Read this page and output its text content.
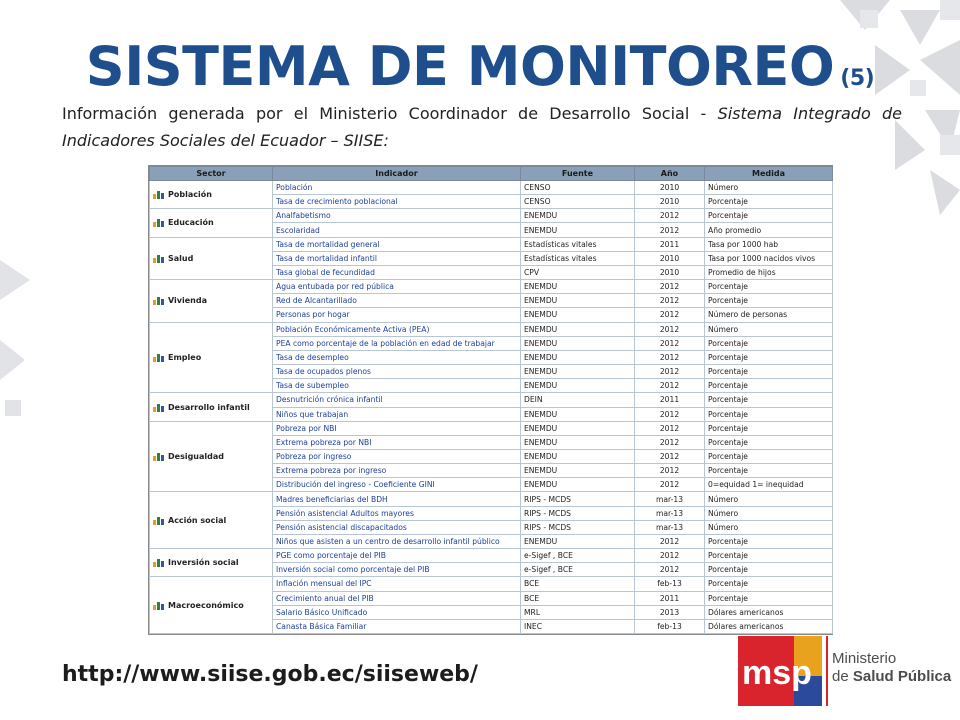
SISTEMA DE MONITOREO (5)

Información generada por el Ministerio Coordinador de Desarrollo Social - Sistema Integrado de Indicadores Sociales del Ecuador – SIISE:

Sector	Indicador	Fuente	Año	Medida
Población	Población	CENSO	2010	Número
	Tasa de crecimiento poblacional	CENSO	2010	Porcentaje
Educación	Analfabetismo	ENEMDU	2012	Porcentaje
	Escolaridad	ENEMDU	2012	Año promedio
Salud	Tasa de mortalidad general	Estadísticas vitales	2011	Tasa por 1000 hab
	Tasa de mortalidad infantil	Estadísticas vitales	2010	Tasa por 1000 nacidos vivos
	Tasa global de fecundidad	CPV	2010	Promedio de hijos
Vivienda	Agua entubada por red pública	ENEMDU	2012	Porcentaje
	Red de Alcantarillado	ENEMDU	2012	Porcentaje
	Personas por hogar	ENEMDU	2012	Número de personas
Empleo	Población Económicamente Activa (PEA)	ENEMDU	2012	Número
	PEA como porcentaje de la población en edad de trabajar	ENEMDU	2012	Porcentaje
	Tasa de desempleo	ENEMDU	2012	Porcentaje
	Tasa de ocupados plenos	ENEMDU	2012	Porcentaje
	Tasa de subempleo	ENEMDU	2012	Porcentaje
Desarrollo infantil	Desnutrición crónica infantil	DEIN	2011	Porcentaje
	Niños que trabajan	ENEMDU	2012	Porcentaje
Desigualdad	Pobreza por NBI	ENEMDU	2012	Porcentaje
	Extrema pobreza por NBI	ENEMDU	2012	Porcentaje
	Pobreza por ingreso	ENEMDU	2012	Porcentaje
	Extrema pobreza por ingreso	ENEMDU	2012	Porcentaje
	Distribución del ingreso - Coeficiente GINI	ENEMDU	2012	0=equidad 1= inequidad
Acción social	Madres beneficiarias del BDH	RIPS - MCDS	mar-13	Número
	Pensión asistencial Adultos mayores	RIPS - MCDS	mar-13	Número
	Pensión asistencial discapacitados	RIPS - MCDS	mar-13	Número
	Niños que asisten a un centro de desarrollo infantil público	ENEMDU	2012	Porcentaje
Inversión social	PGE como porcentaje del PIB	e-Sigef , BCE	2012	Porcentaje
	Inversión social como porcentaje del PIB	e-Sigef , BCE	2012	Porcentaje
Macroeconómico	Inflación mensual del IPC	BCE	feb-13	Porcentaje
	Crecimiento anual del PIB	BCE	2011	Porcentaje
	Salario Básico Unificado	MRL	2013	Dólares americanos
	Canasta Básica Familiar	INEC	feb-13	Dólares americanos

http://www.siise.gob.ec/siiseweb/	msp Ministerio
de Salud Pública
